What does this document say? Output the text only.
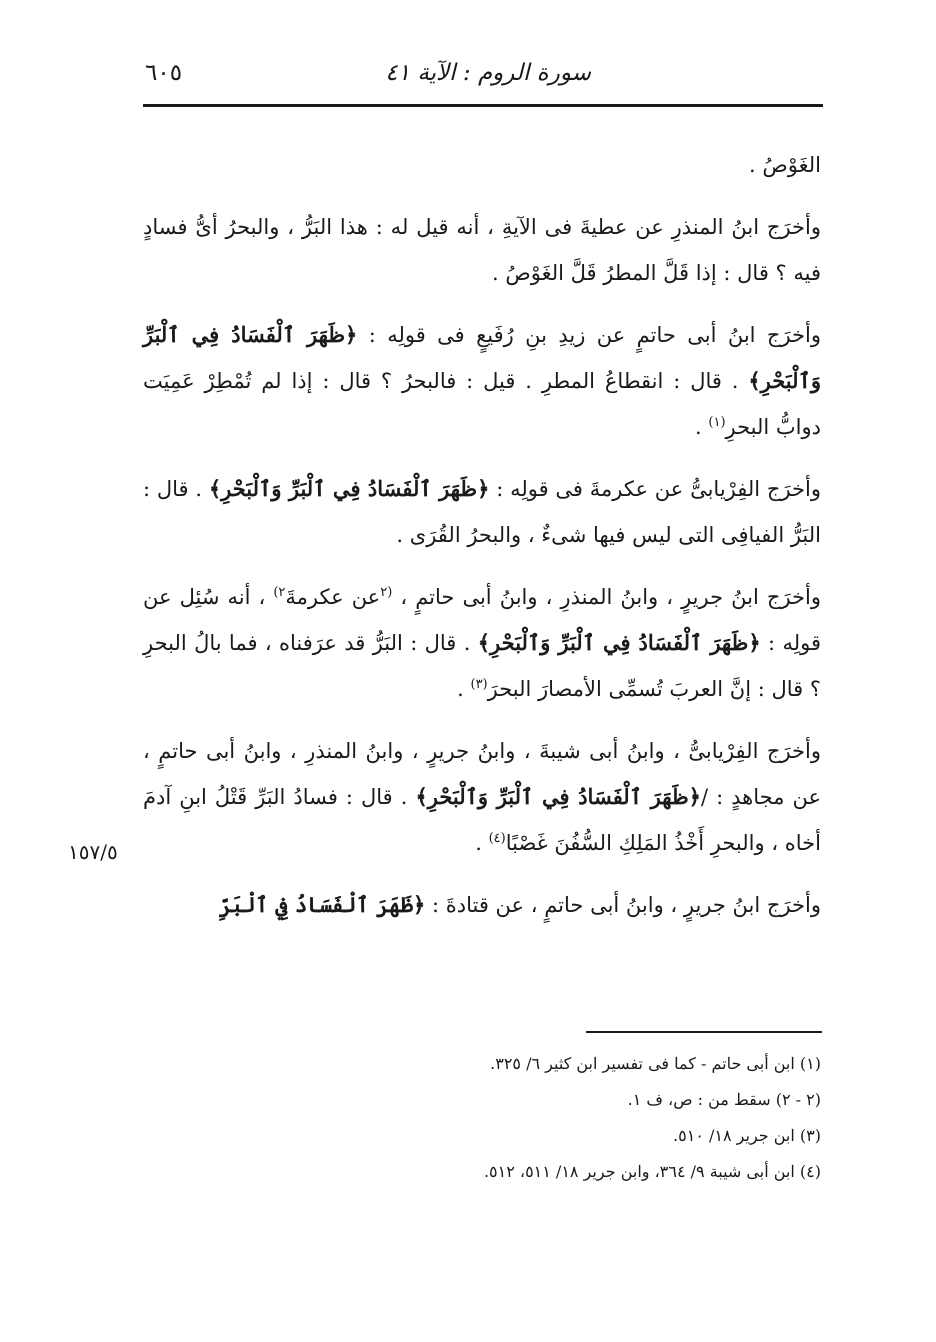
سورة الروم : الآية ٤١
٦٠٥

الغَوْصُ .

وأخرَج ابنُ المنذرِ عن عطيةَ فى الآيةِ ، أنه قيل له : هذا البَرُّ ، والبحرُ أىُّ فسادٍ فيه ؟ قال : إذا قَلَّ المطرُ قَلَّ الغَوْصُ .

وأخرَج ابنُ أبى حاتمٍ عن زيدِ بنِ رُفَيعٍ فى قولِه : ﴿ظَهَرَ ٱلْفَسَادُ فِي ٱلْبَرِّ وَٱلْبَحْرِ﴾ . قال : انقطاعُ المطرِ . قيل : فالبحرُ ؟ قال : إذا لم تُمْطِرْ عَمِيَت دوابُّ البحرِ$^{(١)}$ .

وأخرَج الفِرْيابىُّ عن عكرمةَ فى قولِه : ﴿ظَهَرَ ٱلْفَسَادُ فِي ٱلْبَرِّ وَٱلْبَحْرِ﴾ . قال : البَرُّ الفيافِى التى ليس فيها شىءٌ ، والبحرُ القُرَى .

وأخرَج ابنُ جريرٍ ، وابنُ المنذرِ ، وابنُ أبى حاتمٍ ، $^{(٢}$عن عكرمةَ$^{٢)}$ ، أنه سُئِل عن قولِه : ﴿ظَهَرَ ٱلْفَسَادُ فِي ٱلْبَرِّ وَٱلْبَحْرِ﴾ . قال : البَرُّ قد عرَفناه ، فما بالُ البحرِ ؟ قال : إنَّ العربَ تُسمِّى الأمصارَ البحرَ$^{(٣)}$ .

وأخرَج الفِرْيابىُّ ، وابنُ أبى شيبةَ ، وابنُ جريرٍ ، وابنُ المنذرِ ، وابنُ أبى حاتمٍ ، عن مجاهدٍ : /﴿ظَهَرَ ٱلْفَسَادُ فِي ٱلْبَرِّ وَٱلْبَحْرِ﴾ . قال : فسادُ البَرِّ قَتْلُ ابنِ آدمَ أخاه ، والبحرِ أَخْذُ المَلِكِ السُّفُنَ غَصْبًا$^{(٤)}$ .

وأخرَج ابنُ جريرٍ ، وابنُ أبى حاتمٍ ، عن قتادةَ : ﴿ظَهَرَ ٱلْفَسَادُ فِي ٱلْبَرِّ

١٥٧/٥
(١) ابن أبى حاتم - كما فى تفسير ابن كثير ٦/ ٣٢٥.
(٢ - ٢) سقط من : ص، ف ١.
(٣) ابن جرير ١٨/ ٥١٠.
(٤) ابن أبى شيبة ٩/ ٣٦٤، وابن جرير ١٨/ ٥١١، ٥١٢.
